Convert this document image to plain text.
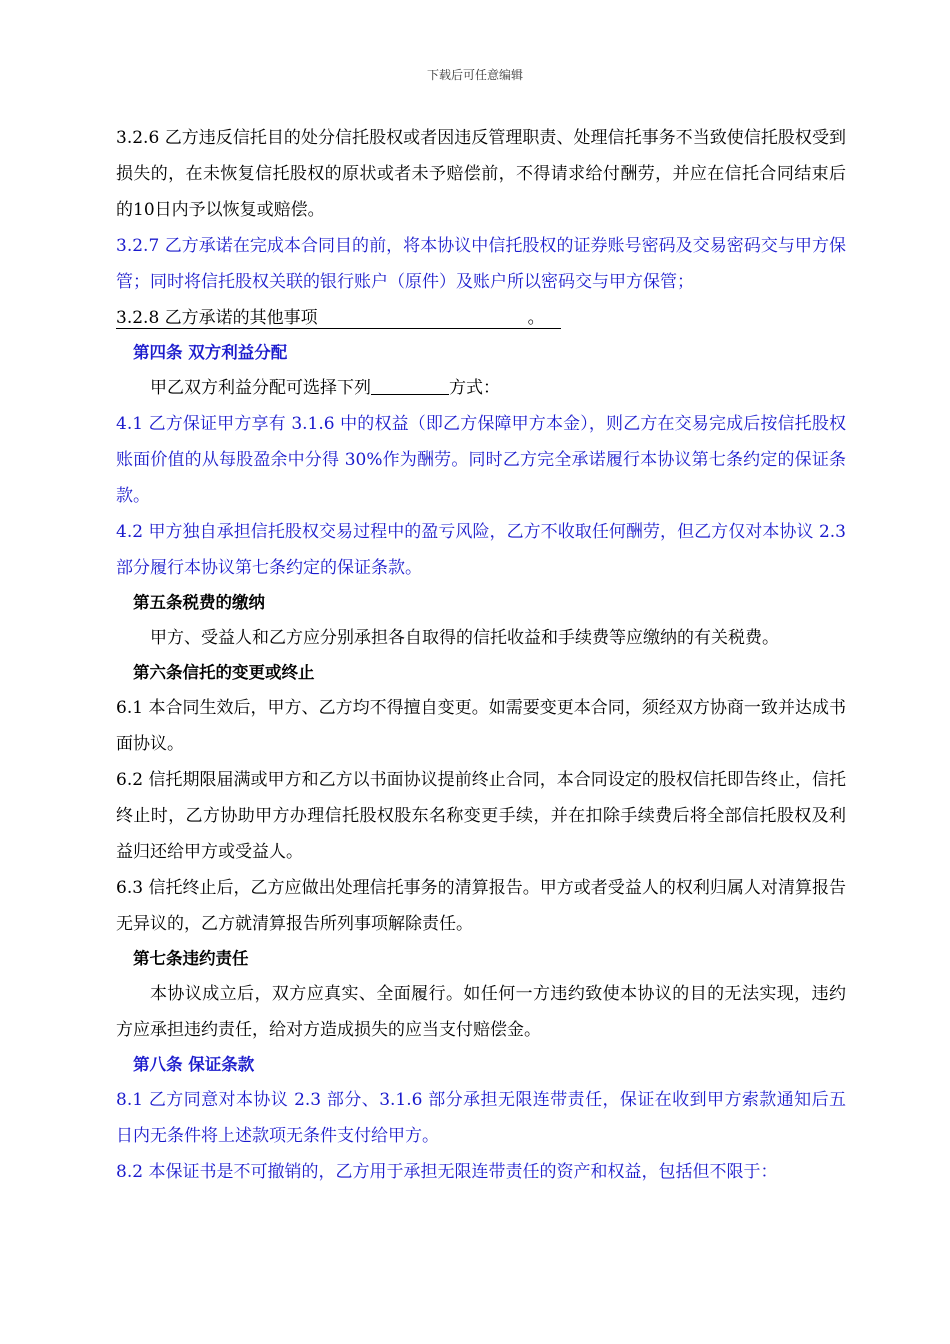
下载后可任意编辑

3.2.6 乙方违反信托目的处分信托股权或者因违反管理职责、处理信托事务不当致使信托股权受到损失的，在未恢复信托股权的原状或者未予赔偿前，不得请求给付酬劳，并应在信托合同结束后的10日内予以恢复或赔偿。

3.2.7 乙方承诺在完成本合同目的前，将本协议中信托股权的证券账号密码及交易密码交与甲方保管；同时将信托股权关联的银行账户（原件）及账户所以密码交与甲方保管；

3.2.8 乙方承诺的其他事项	。

第四条 双方利益分配

甲乙双方利益分配可选择下列	方式：

4.1 乙方保证甲方享有 3.1.6 中的权益（即乙方保障甲方本金），则乙方在交易完成后按信托股权账面价值的从每股盈余中分得 30%作为酬劳。同时乙方完全承诺履行本协议第七条约定的保证条款。

4.2 甲方独自承担信托股权交易过程中的盈亏风险，乙方不收取任何酬劳，但乙方仅对本协议 2.3 部分履行本协议第七条约定的保证条款。

第五条税费的缴纳

甲方、受益人和乙方应分别承担各自取得的信托收益和手续费等应缴纳的有关税费。

第六条信托的变更或终止

6.1 本合同生效后，甲方、乙方均不得擅自变更。如需要变更本合同，须经双方协商一致并达成书面协议。

6.2 信托期限届满或甲方和乙方以书面协议提前终止合同，本合同设定的股权信托即告终止，信托终止时，乙方协助甲方办理信托股权股东名称变更手续，并在扣除手续费后将全部信托股权及利益归还给甲方或受益人。

6.3 信托终止后，乙方应做出处理信托事务的清算报告。甲方或者受益人的权利归属人对清算报告无异议的，乙方就清算报告所列事项解除责任。

第七条违约责任

本协议成立后，双方应真实、全面履行。如任何一方违约致使本协议的目的无法实现，违约方应承担违约责任，给对方造成损失的应当支付赔偿金。

第八条 保证条款

8.1 乙方同意对本协议 2.3 部分、3.1.6 部分承担无限连带责任，保证在收到甲方索款通知后五日内无条件将上述款项无条件支付给甲方。

8.2 本保证书是不可撤销的，乙方用于承担无限连带责任的资产和权益，包括但不限于：
